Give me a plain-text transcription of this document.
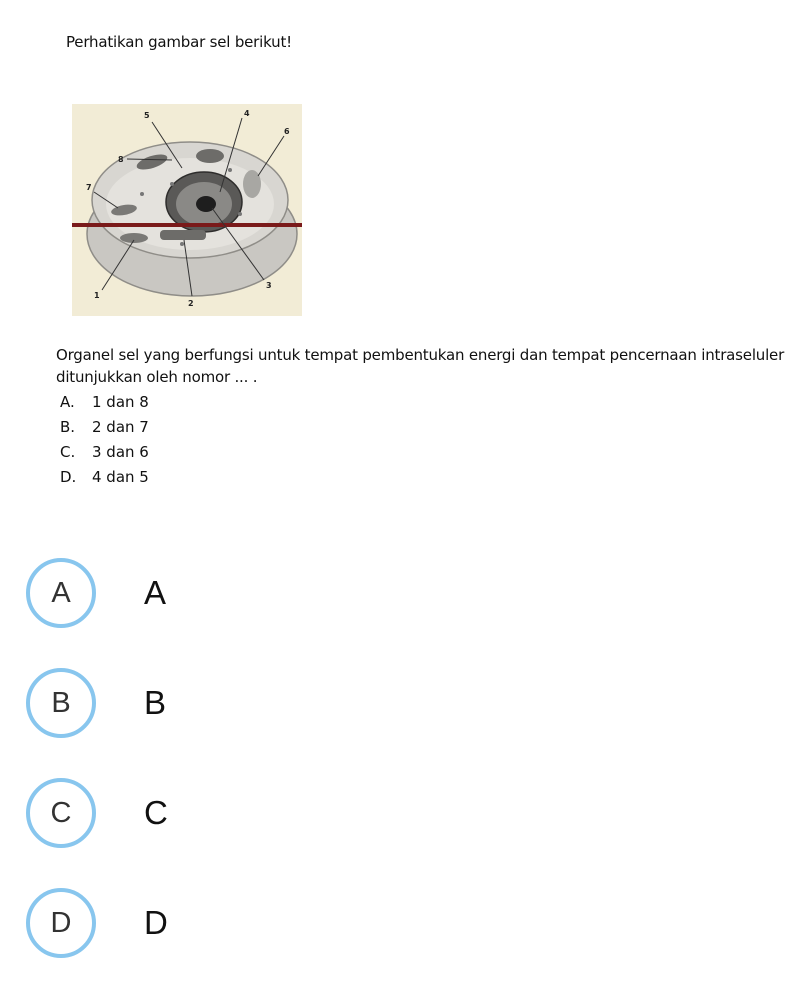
Perhatikan gambar sel berikut!
8
5	4
6
7
1
2
3
Organel sel yang berfungsi untuk tempat pembentukan energi dan tempat pencernaan intraseluler ditunjukkan oleh nomor ... .
A.	1 dan 8
B.	2 dan 7
C.	3 dan 6
D.	4 dan 5
A	A
B	B
C	C
D	D
